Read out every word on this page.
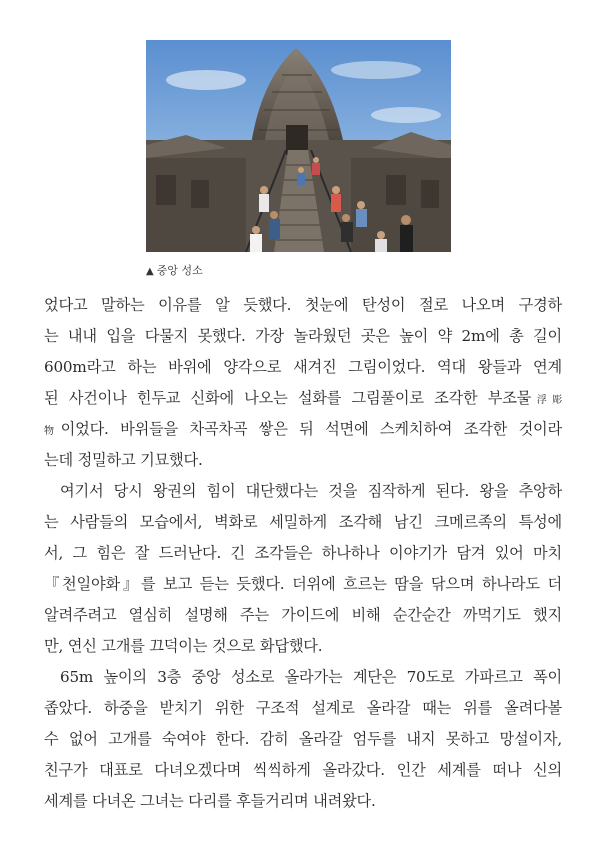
▲ 중앙 성소
었다고 말하는 이유를 알 듯했다. 첫눈에 탄성이 절로 나오며 구경하
는 내내 입을 다물지 못했다. 가장 놀라웠던 곳은 높이 약 2m에 총 길이
600m라고 하는 바위에 양각으로 새겨진 그림이었다. 역대 왕들과 연계
된 사건이나 힌두교 신화에 나오는 설화를 그림풀이로 조각한 부조물浮彫
物이었다. 바위들을 차곡차곡 쌓은 뒤 석면에 스케치하여 조각한 것이라
는데 정밀하고 기묘했다.
여기서 당시 왕권의 힘이 대단했다는 것을 짐작하게 된다. 왕을 추앙하
는 사람들의 모습에서, 벽화로 세밀하게 조각해 남긴 크메르족의 특성에
서, 그 힘은 잘 드러난다. 긴 조각들은 하나하나 이야기가 담겨 있어 마치
『천일야화』를 보고 듣는 듯했다. 더위에 흐르는 땀을 닦으며 하나라도 더
알려주려고 열심히 설명해 주는 가이드에 비해 순간순간 까먹기도 했지
만, 연신 고개를 끄덕이는 것으로 화답했다.
65m 높이의 3층 중앙 성소로 올라가는 계단은 70도로 가파르고 폭이
좁았다. 하중을 받치기 위한 구조적 설계로 올라갈 때는 위를 올려다볼
수 없어 고개를 숙여야 한다. 감히 올라갈 엄두를 내지 못하고 망설이자,
친구가 대표로 다녀오겠다며 씩씩하게 올라갔다. 인간 세계를 떠나 신의
세계를 다녀온 그녀는 다리를 후들거리며 내려왔다.
